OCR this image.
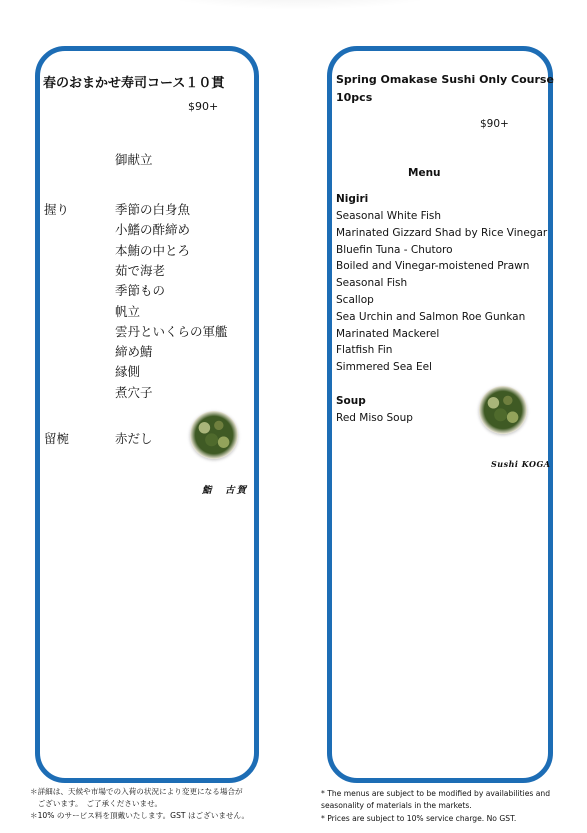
春のおまかせ寿司コース１０貫
$90+
御献立
握り	季節の白身魚
小鰭の酢締め
本鮪の中とろ
茹で海老
季節もの
帆立
雲丹といくらの軍艦
締め鯖
縁側
煮穴子
留椀	赤だし
鮨　古賀
Spring Omakase Sushi Only Course
10pcs
$90+
Menu
Nigiri
Seasonal White Fish
Marinated Gizzard Shad by Rice Vinegar
Bluefin Tuna - Chutoro
Boiled and Vinegar-moistened Prawn
Seasonal Fish
Scallop
Sea Urchin and Salmon Roe Gunkan
Marinated Mackerel
Flatfish Fin
Simmered Sea Eel
Soup
Red Miso Soup
Sushi KOGA
＊詳細は、天候や市場での入荷の状況により変更になる場合が
　ございます。　ご了承くださいませ。
＊10% のサービス料を頂戴いたします。GST はございません。
* The menus are subject to be modified by availabilities and
seasonality of materials in the markets.
* Prices are subject to 10% service charge. No GST.
